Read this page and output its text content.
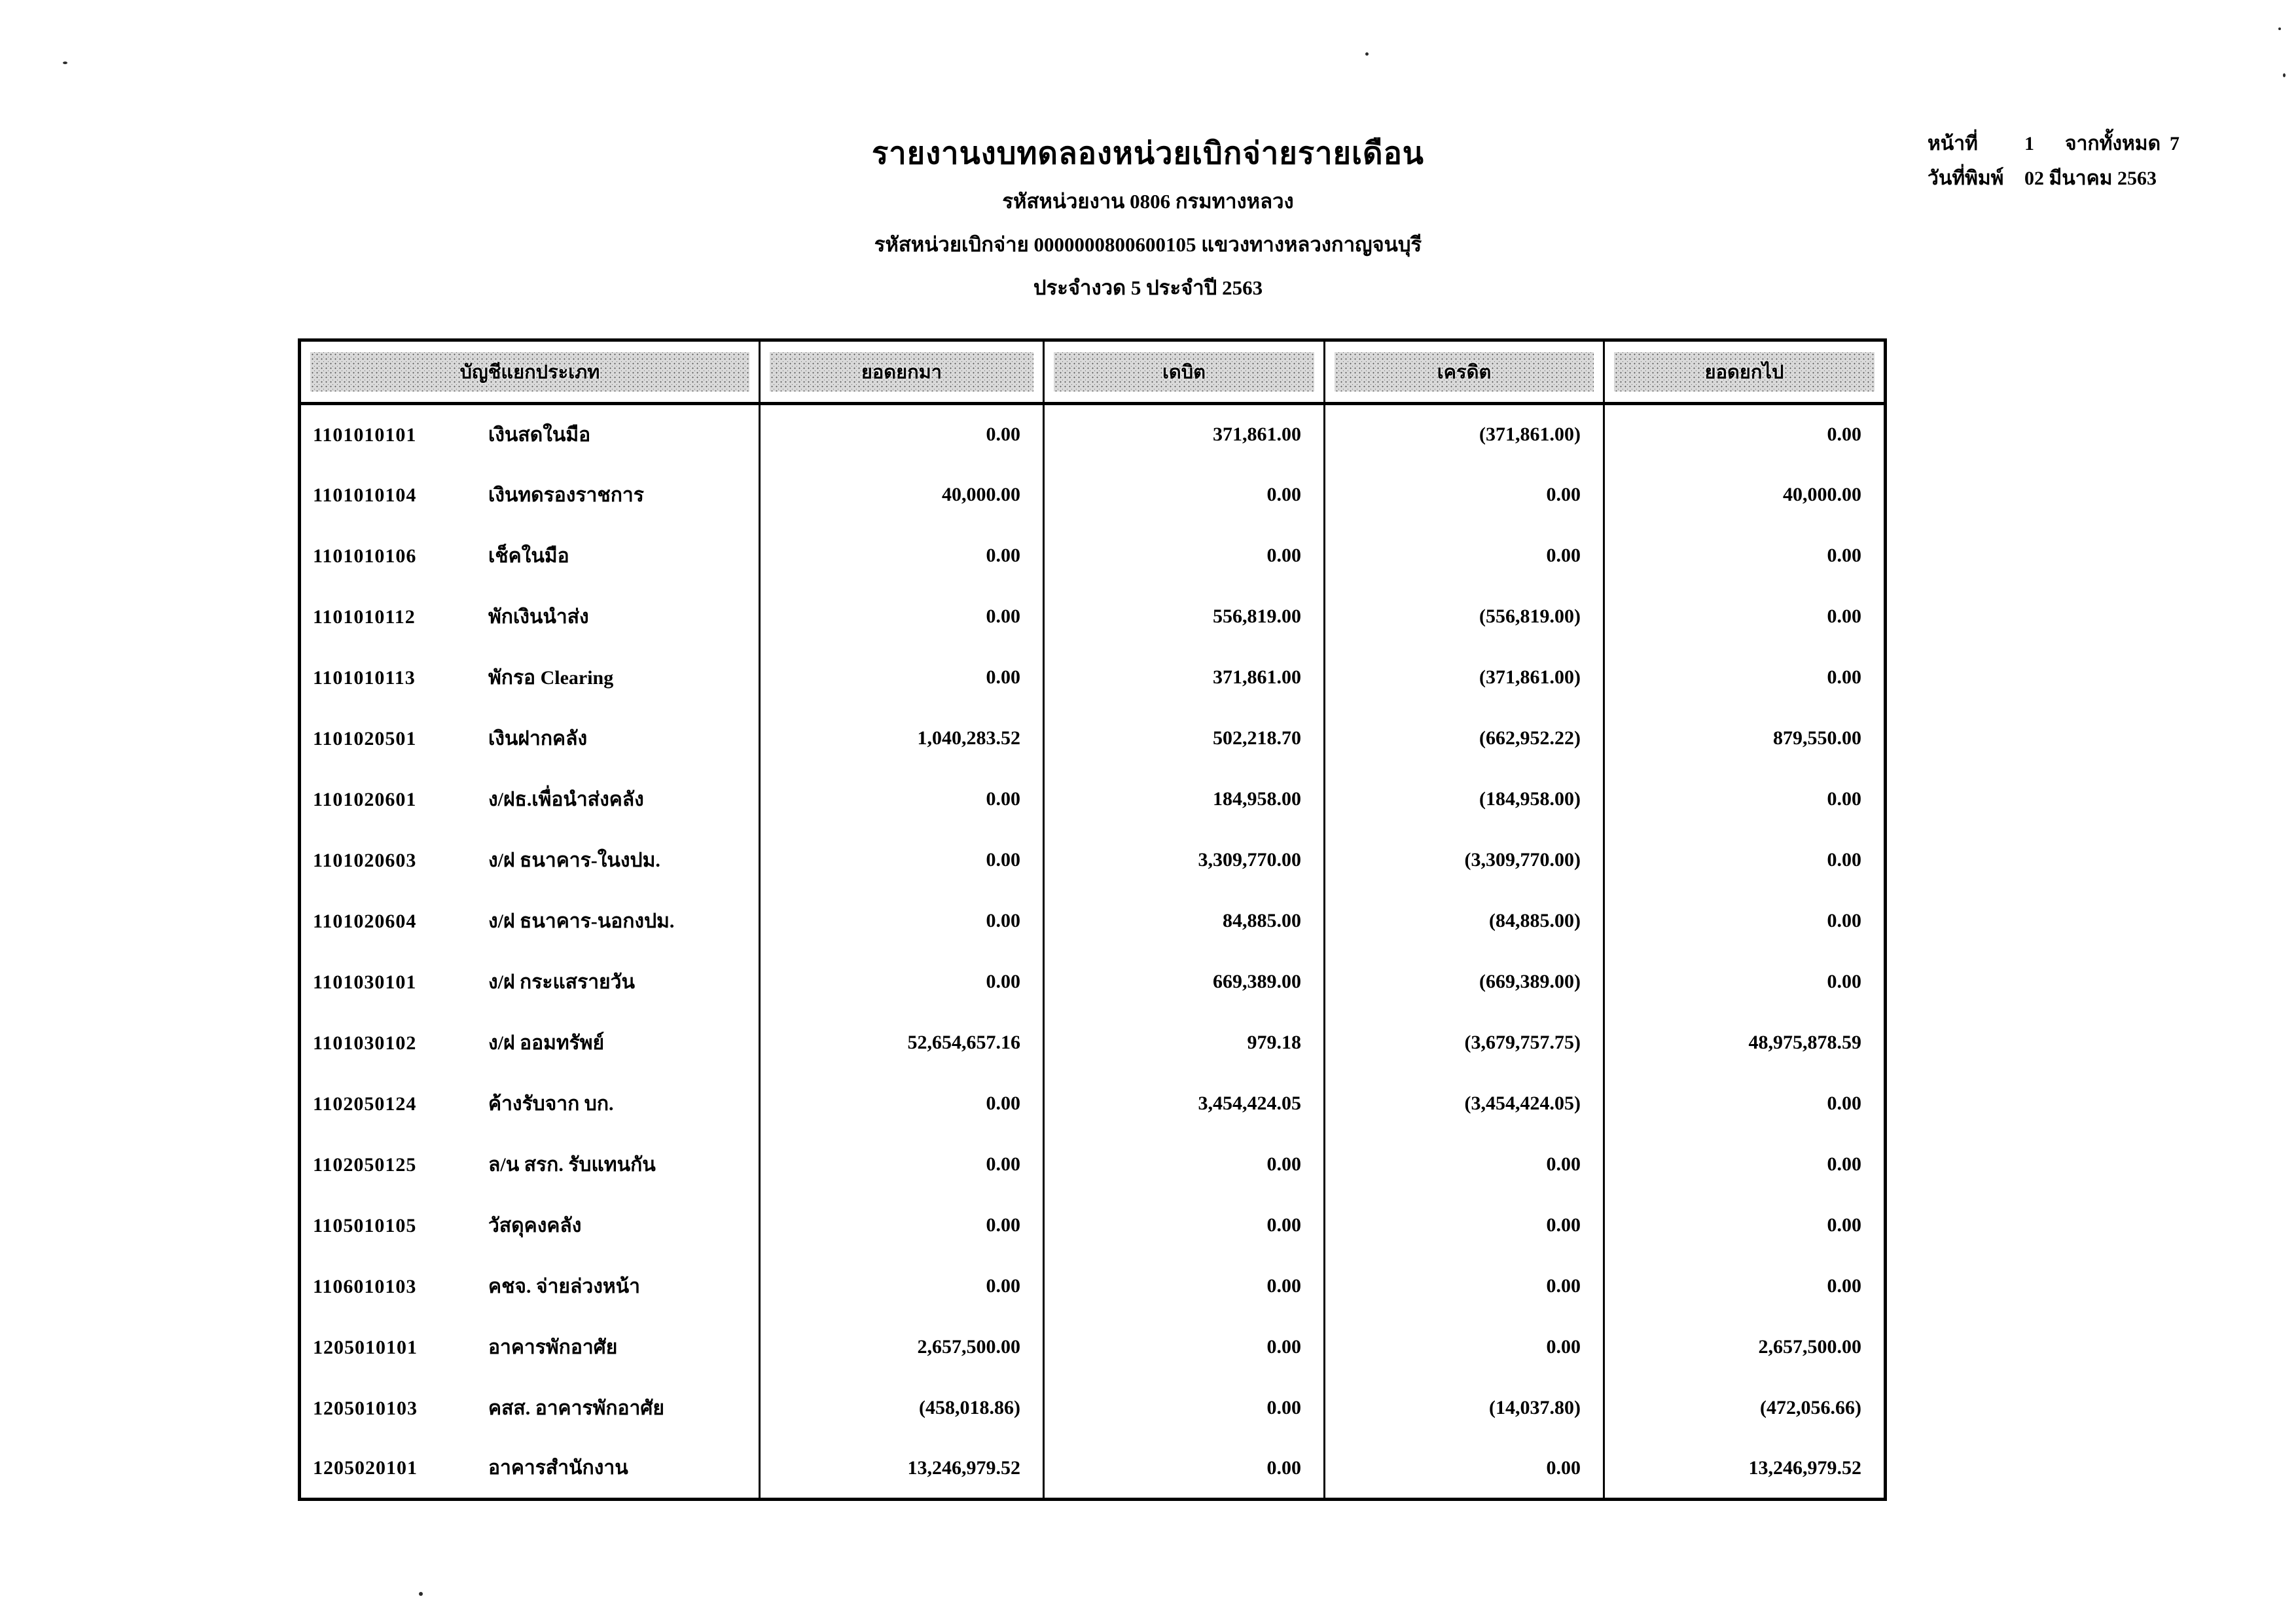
รายงานงบทดลองหน่วยเบิกจ่ายรายเดือน
รหัสหน่วยงาน 0806 กรมทางหลวง
รหัสหน่วยเบิกจ่าย 0000000800600105 แขวงทางหลวงกาญจนบุรี
ประจำงวด 5 ประจำปี 2563
หน้าที่	1	จากทั้งหมด 7
วันที่พิมพ์	02 มีนาคม 2563
บัญชีแยกประเภท	ยอดยกมา	เดบิต	เครดิต	ยอดยกไป

1101010101 เงินสดในมือ	0.00	371,861.00	(371,861.00)	0.00
1101010104 เงินทดรองราชการ	40,000.00	0.00	0.00	40,000.00
1101010106 เช็คในมือ	0.00	0.00	0.00	0.00
1101010112 พักเงินนำส่ง	0.00	556,819.00	(556,819.00)	0.00
1101010113 พักรอ Clearing	0.00	371,861.00	(371,861.00)	0.00
1101020501 เงินฝากคลัง	1,040,283.52	502,218.70	(662,952.22)	879,550.00
1101020601 ง/ฝธ.เพื่อนำส่งคลัง	0.00	184,958.00	(184,958.00)	0.00
1101020603 ง/ฝ ธนาคาร-ในงปม.	0.00	3,309,770.00	(3,309,770.00)	0.00
1101020604 ง/ฝ ธนาคาร-นอกงปม.	0.00	84,885.00	(84,885.00)	0.00
1101030101 ง/ฝ กระแสรายวัน	0.00	669,389.00	(669,389.00)	0.00
1101030102 ง/ฝ ออมทรัพย์	52,654,657.16	979.18	(3,679,757.75)	48,975,878.59
1102050124 ค้างรับจาก บก.	0.00	3,454,424.05	(3,454,424.05)	0.00
1102050125 ล/น สรก. รับแทนกัน	0.00	0.00	0.00	0.00
1105010105 วัสดุคงคลัง	0.00	0.00	0.00	0.00
1106010103 คชจ. จ่ายล่วงหน้า	0.00	0.00	0.00	0.00
1205010101 อาคารพักอาศัย	2,657,500.00	0.00	0.00	2,657,500.00
1205010103 คสส. อาคารพักอาศัย	(458,018.86)	0.00	(14,037.80)	(472,056.66)
1205020101 อาคารสำนักงาน	13,246,979.52	0.00	0.00	13,246,979.52
